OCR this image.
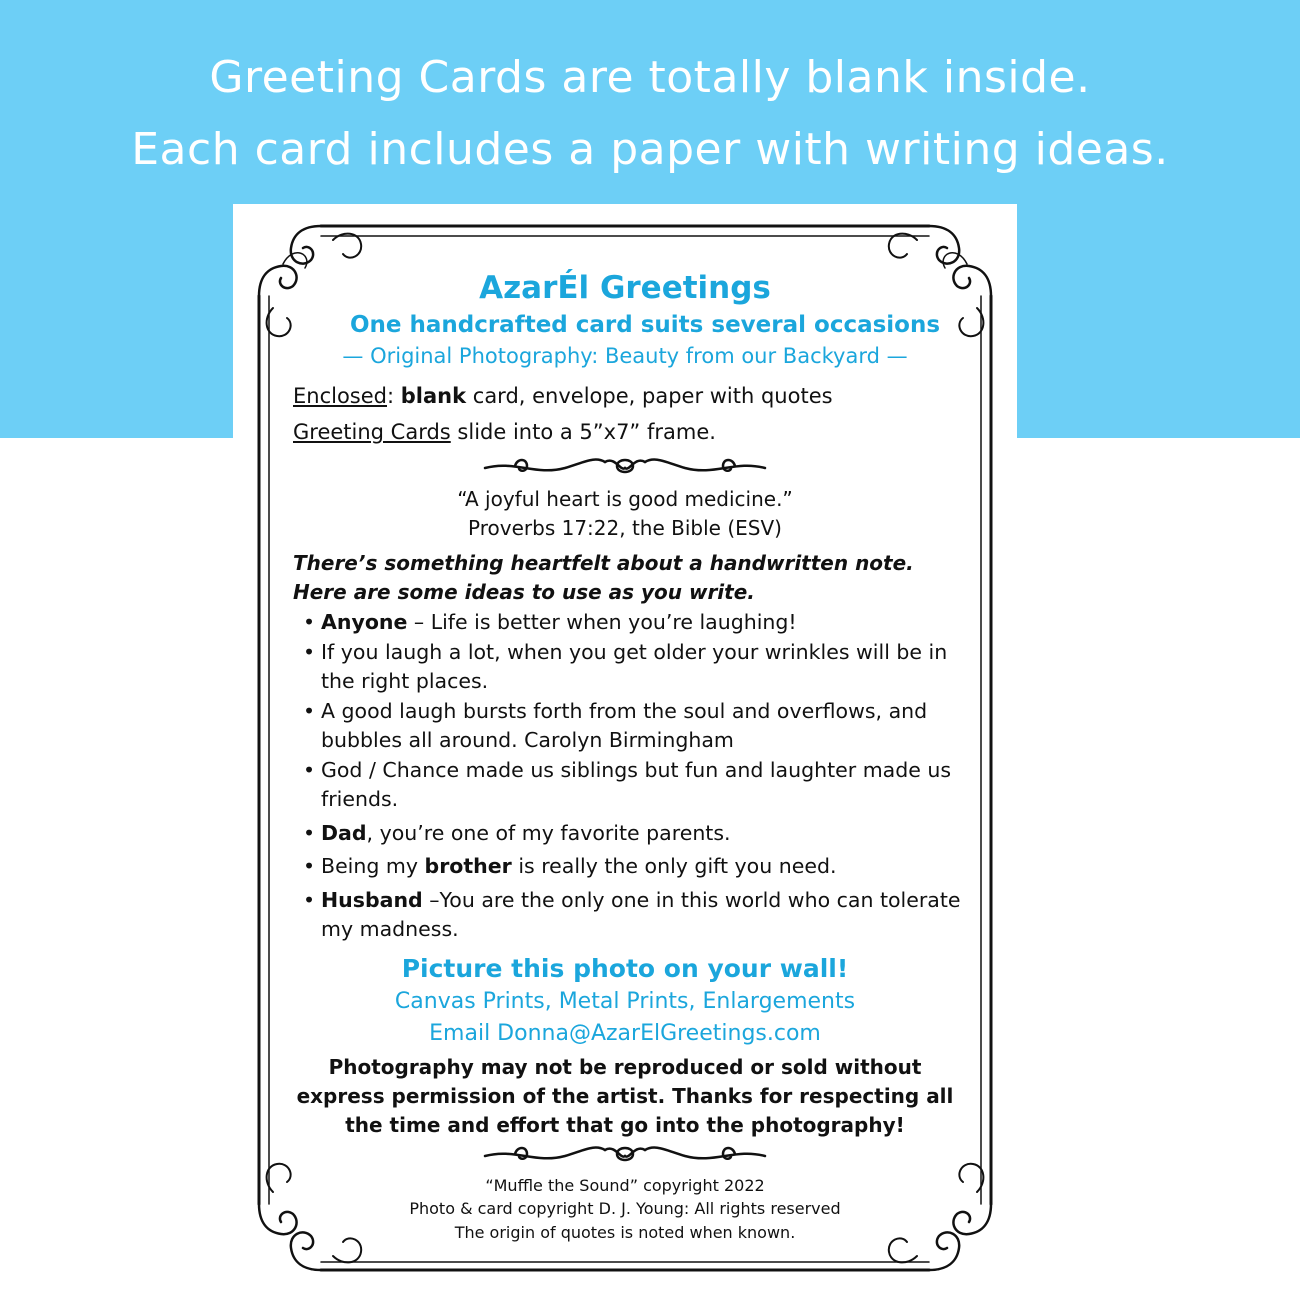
Greeting Cards are totally blank inside.
Each card includes a paper with writing ideas.
AzarÉl Greetings
One handcrafted card suits several occasions
— Original Photography: Beauty from our Backyard —
Enclosed: blank card, envelope, paper with quotes
Greeting Cards slide into a 5”x7” frame.
“A joyful heart is good medicine.”
Proverbs 17:22, the Bible (ESV)
There’s something heartfelt about a handwritten note.
Here are some ideas to use as you write.
• Anyone – Life is better when you’re laughing!
• If you laugh a lot, when you get older your wrinkles will be in the right places.
• A good laugh bursts forth from the soul and overflows, and bubbles all around. Carolyn Birmingham
• God / Chance made us siblings but fun and laughter made us friends.
• Dad, you’re one of my favorite parents.
• Being my brother is really the only gift you need.
• Husband –You are the only one in this world who can tolerate my madness.
Picture this photo on your wall!
Canvas Prints, Metal Prints, Enlargements
Email Donna@AzarElGreetings.com
Photography may not be reproduced or sold without
express permission of the artist. Thanks for respecting all
the time and effort that go into the photography!
“Muffle the Sound” copyright 2022
Photo & card copyright D. J. Young: All rights reserved
The origin of quotes is noted when known.
